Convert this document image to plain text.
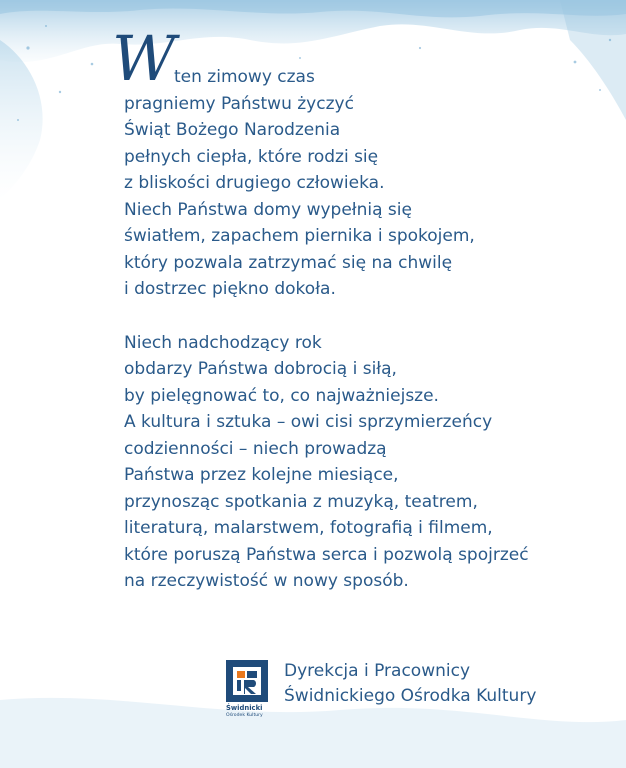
W ten zimowy czas

pragniemy Państwu życzyć

Świąt Bożego Narodzenia

pełnych ciepła, które rodzi się

z bliskości drugiego człowieka.

Niech Państwa domy wypełnią się

światłem, zapachem piernika i spokojem,

który pozwala zatrzymać się na chwilę

i dostrzec piękno dokoła.

Niech nadchodzący rok

obdarzy Państwa dobrocią i siłą,

by pielęgnować to, co najważniejsze.

A kultura i sztuka – owi cisi sprzymierzeńcy

codzienności – niech prowadzą

Państwa przez kolejne miesiące,

przynosząc spotkania z muzyką, teatrem,

literaturą, malarstwem, fotografią i filmem,

które poruszą Państwa serca i pozwolą spojrzeć

na rzeczywistość w nowy sposób.

Świdnicki
Ośrodek Kultury
Dyrekcja i Pracownicy
Świdnickiego Ośrodka Kultury
